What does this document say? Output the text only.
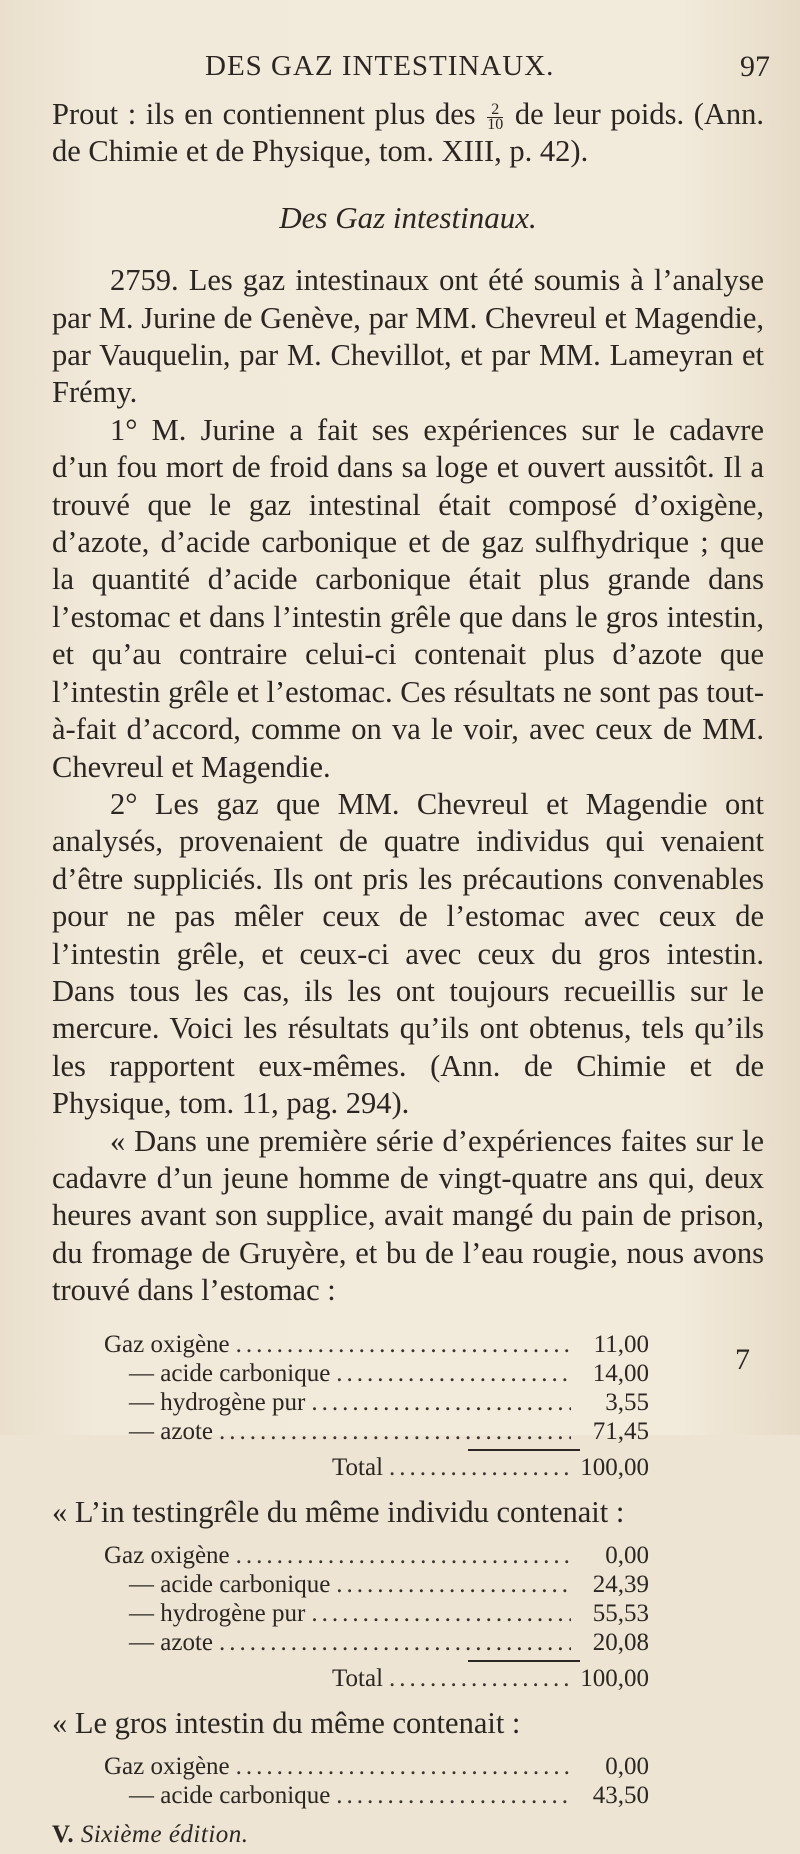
DES GAZ INTESTINAUX.	97

Prout : ils en contiennent plus des $\frac{2}{10}$ de leur poids. (Ann. de Chimie et de Physique, tom. XIII, p. 42).

Des Gaz intestinaux.

2759. Les gaz intestinaux ont été soumis à l’analyse par M. Jurine de Genève, par MM. Chevreul et Magendie, par Vauquelin, par M. Chevillot, et par MM. Lameyran et Frémy.

1° M. Jurine a fait ses expériences sur le cadavre d’un fou mort de froid dans sa loge et ouvert aussitôt. Il a trouvé que le gaz intestinal était composé d’oxigène, d’azote, d’acide carbonique et de gaz sulfhydrique ; que la quantité d’acide carbonique était plus grande dans l’estomac et dans l’intestin grêle que dans le gros intestin, et qu’au contraire celui-ci contenait plus d’azote que l’intestin grêle et l’estomac. Ces résultats ne sont pas tout-à-fait d’accord, comme on va le voir, avec ceux de MM. Chevreul et Magendie.

2° Les gaz que MM. Chevreul et Magendie ont analysés, provenaient de quatre individus qui venaient d’être suppliciés. Ils ont pris les précautions convenables pour ne pas mêler ceux de l’estomac avec ceux de l’intestin grêle, et ceux-ci avec ceux du gros intestin. Dans tous les cas, ils les ont toujours recueillis sur le mercure. Voici les résultats qu’ils ont obtenus, tels qu’ils les rapportent eux-mêmes. (Ann. de Chimie et de Physique, tom. 11, pag. 294).

« Dans une première série d’expériences faites sur le cadavre d’un jeune homme de vingt-quatre ans qui, deux heures avant son supplice, avait mangé du pain de prison, du fromage de Gruyère, et bu de l’eau rougie, nous avons trouvé dans l’estomac :

Gaz oxigène .....	11,00
— acide carbonique .....	14,00
— hydrogène pur .....	3,55
— azote .....	71,45
Total .....	100,00

« L’in testingrêle du même individu contenait :

Gaz oxigène .....	0,00
— acide carbonique .....	24,39
— hydrogène pur .....	55,53
— azote .....	20,08
Total .....	100,00

« Le gros intestin du même contenait :

Gaz oxigène .....	0,00
— acide carbonique .....	43,50
V. Sixième édition.
7
